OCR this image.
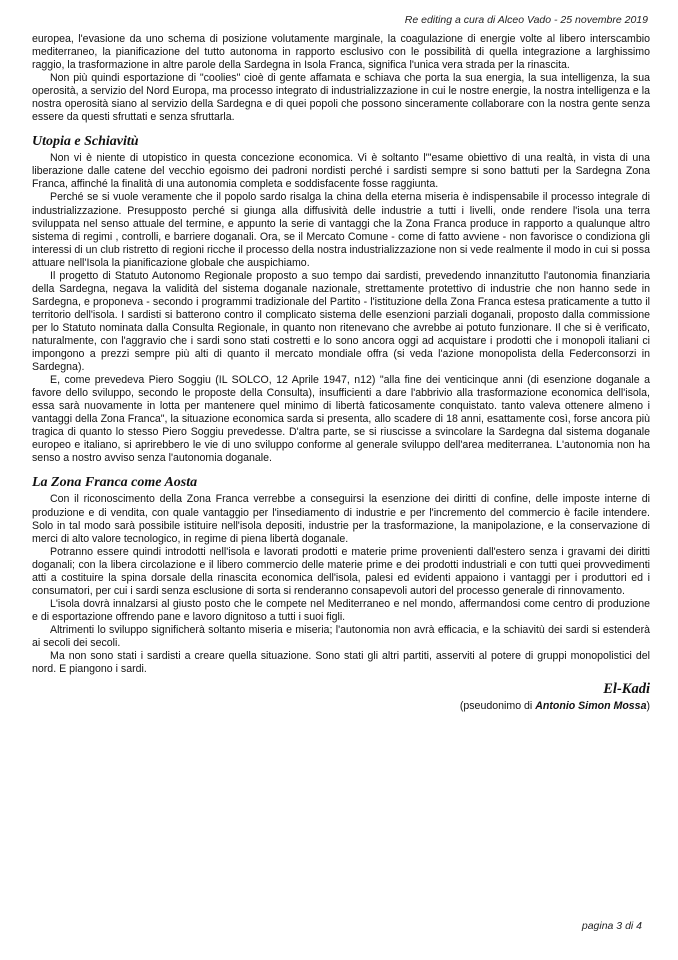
Re editing a cura di Alceo Vado - 25 novembre 2019

europea, l'evasione da uno schema di posizione volutamente marginale, la coagulazione di energie volte al libero interscambio mediterraneo, la pianificazione del tutto autonoma in rapporto esclusivo con le possibilità di quella integrazione a larghissimo raggio, la trasformazione in altre parole della Sardegna in Isola Franca, significa l'unica vera strada per la rinascita.

Non più quindi esportazione di "coolies" cioè di gente affamata e schiava che porta la sua energia, la sua intelligenza, la sua operosità, a servizio del Nord Europa, ma processo integrato di industrializzazione in cui le nostre energie, la nostra intelligenza e la nostra operosità siano al servizio della Sardegna e di quei popoli che possono sinceramente collaborare con la nostra gente senza essere da questi sfruttati e senza sfruttarla.

Utopia e Schiavitù

Non vi è niente di utopistico in questa concezione economica. Vi è soltanto l'"esame obiettivo di una realtà, in vista di una liberazione dalle catene del vecchio egoismo dei padroni nordisti perché i sardisti sempre si sono battuti per la Sardegna Zona Franca, affinché la finalità di una autonomia completa e soddisfacente fosse raggiunta.

Perché se si vuole veramente che il popolo sardo risalga la china della eterna miseria è indispensabile il processo integrale di industrializzazione. Presupposto perché si giunga alla diffusività delle industrie a tutti i livelli, onde rendere l'isola una terra sviluppata nel senso attuale del termine, e appunto la serie di vantaggi che la Zona Franca produce in rapporto a qualunque altro sistema di regimi , controlli, e barriere doganali. Ora, se il Mercato Comune - come di fatto avviene - non favorisce o condiziona gli interessi di un club ristretto di regioni ricche il processo della nostra industrializzazione non si vede realmente il modo in cui si possa attuare nell'Isola la pianificazione globale che auspichiamo.

Il progetto di Statuto Autonomo Regionale proposto a suo tempo dai sardisti, prevedendo innanzitutto l'autonomia finanziaria della Sardegna, negava la validità del sistema doganale nazionale, strettamente protettivo di industrie che non hanno sede in Sardegna, e proponeva - secondo i programmi tradizionale del Partito - l'istituzione della Zona Franca estesa praticamente a tutto il territorio dell'isola. I sardisti si batterono contro il complicato sistema delle esenzioni parziali doganali, proposto dalla commissione per lo Statuto nominata dalla Consulta Regionale, in quanto non ritenevano che avrebbe ai potuto funzionare. Il che si è verificato, naturalmente, con l'aggravio che i sardi sono stati costretti e lo sono ancora oggi ad acquistare i prodotti che i monopoli italiani ci impongono a prezzi sempre più alti di quanto il mercato mondiale offra (si veda l'azione monopolista della Federconsorzi in Sardegna).

E, come prevedeva Piero Soggiu (IL SOLCO, 12 Aprile 1947, n12) "alla fine dei venticinque anni (di esenzione doganale a favore dello sviluppo, secondo le proposte della Consulta), insufficienti a dare l'abbrivio alla trasformazione economica dell'isola, essa sarà nuovamente in lotta per mantenere quel minimo di libertà faticosamente conquistato. tanto valeva ottenere almeno i vantaggi della Zona Franca", la situazione economica sarda si presenta, allo scadere di 18 anni, esattamente così, forse ancora più tragica di quanto lo stesso Piero Soggiu prevedesse. D'altra parte, se si riuscisse a svincolare la Sardegna dal sistema doganale europeo e italiano, si aprirebbero le vie di uno sviluppo conforme al generale sviluppo dell'area mediterranea. L'autonomia non ha senso a nostro avviso senza l'autonomia doganale.

La Zona Franca come Aosta

Con il riconoscimento della Zona Franca verrebbe a conseguirsi la esenzione dei diritti di confine, delle imposte interne di produzione e di vendita, con quale vantaggio per l'insediamento di industrie e per l'incremento del commercio è facile intendere. Solo in tal modo sarà possibile istituire nell'isola depositi, industrie per la trasformazione, la manipolazione, e la conservazione di merci di alto valore tecnologico, in regime di piena libertà doganale.

Potranno essere quindi introdotti nell'isola e lavorati prodotti e materie prime provenienti dall'estero senza i gravami dei diritti doganali; con la libera circolazione e il libero commercio delle materie prime e dei prodotti industriali e con tutti quei provvedimenti atti a costituire la spina dorsale della rinascita economica dell'isola, palesi ed evidenti appaiono i vantaggi per i produttori ed i consumatori, per cui i sardi senza esclusione di sorta si renderanno consapevoli autori del processo generale di rinnovamento.

L'isola dovrà innalzarsi al giusto posto che le compete nel Mediterraneo e nel mondo, affermandosi come centro di produzione e di esportazione offrendo pane e lavoro dignitoso a tutti i suoi figli.

Altrimenti lo sviluppo significherà soltanto miseria e miseria; l'autonomia non avrà efficacia, e la schiavitù dei sardi si estenderà ai secoli dei secoli.

Ma non sono stati i sardisti a creare quella situazione. Sono stati gli altri partiti, asserviti al potere di gruppi monopolistici del nord. E piangono i sardi.

El-Kadi
(pseudonimo di Antonio Simon Mossa)
pagina 3 di 4
